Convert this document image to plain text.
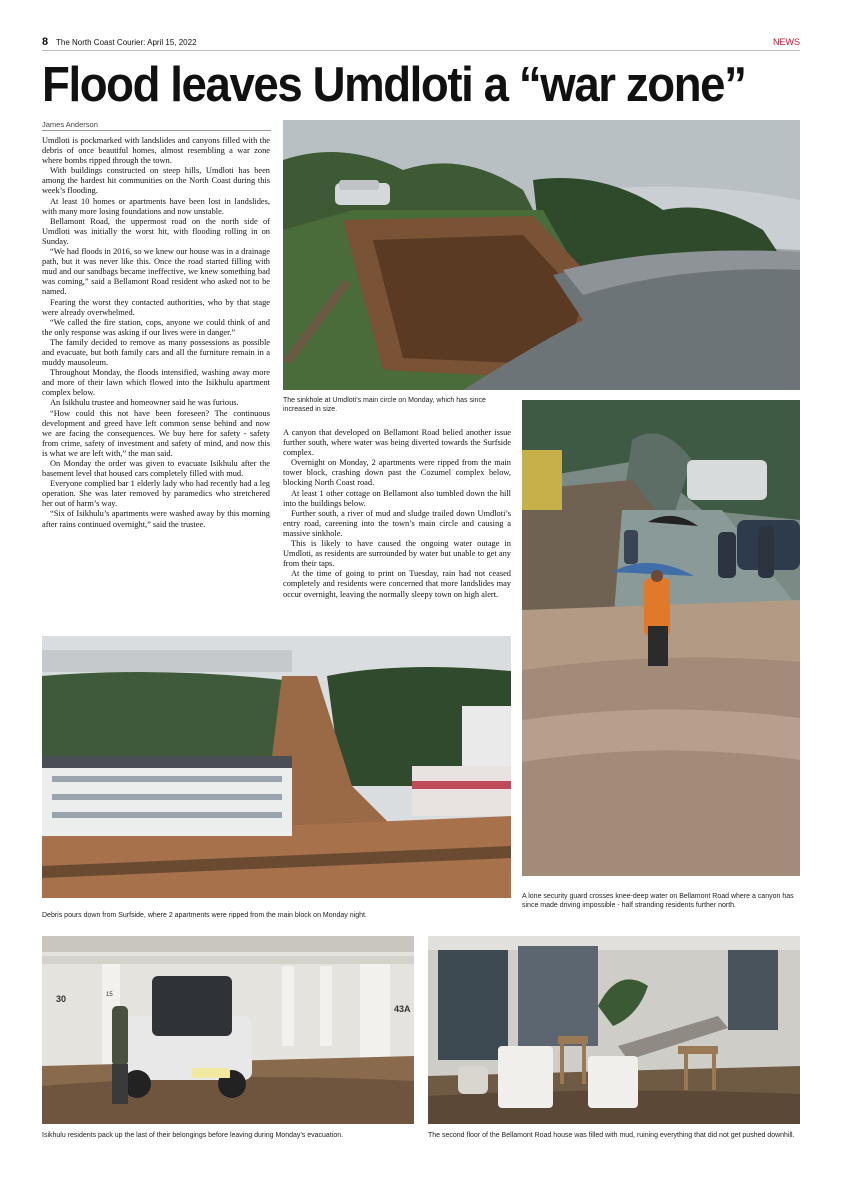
8 The North Coast Courier: April 15, 2022	NEWS
Flood leaves Umdloti a “war zone”
James Anderson

Umdloti is pockmarked with landslides and canyons filled with the debris of once beautiful homes, almost resembling a war zone where bombs ripped through the town.

With buildings constructed on steep hills, Umdloti has been among the hardest hit communities on the North Coast during this week’s flooding.

At least 10 homes or apartments have been lost in landslides, with many more losing foundations and now unstable.

Bellamont Road, the uppermost road on the north side of Umdloti was initially the worst hit, with flooding rolling in on Sunday.

“We had floods in 2016, so we knew our house was in a drainage path, but it was never like this. Once the road started filling with mud and our sandbags became ineffective, we knew something bad was coming,” said a Bellamont Road resident who asked not to be named.

Fearing the worst they contacted authorities, who by that stage were already overwhelmed.

“We called the fire station, cops, anyone we could think of and the only response was asking if our lives were in danger.”

The family decided to remove as many possessions as possible and evacuate, but both family cars and all the furniture remain in a muddy mausoleum.

Throughout Monday, the floods intensified, washing away more and more of their lawn which flowed into the Isikhulu apartment complex below.

An Isikhulu trustee and homeowner said he was furious.

“How could this not have been foreseen? The continuous development and greed have left common sense behind and now we are facing the consequences. We buy here for safety - safety from crime, safety of investment and safety of mind, and now this is what we are left with,” the man said.

On Monday the order was given to evacuate Isikhulu after the basement level that housed cars completely filled with mud.

Everyone complied bar 1 elderly lady who had recently had a leg operation. She was later removed by paramedics who stretchered her out of harm’s way.

“Six of Isikhulu’s apartments were washed away by this morning after rains continued overnight,” said the trustee.

The sinkhole at Umdloti’s main circle on Monday, which has since increased in size.

A canyon that developed on Bellamont Road belied another issue further south, where water was being diverted towards the Surfside complex.

Overnight on Monday, 2 apartments were ripped from the main tower block, crashing down past the Cozumel complex below, blocking North Coast road.

At least 1 other cottage on Bellamont also tumbled down the hill into the buildings below.

Further south, a river of mud and sludge trailed down Umdloti’s entry road, careening into the town’s main circle and causing a massive sinkhole.

This is likely to have caused the ongoing water outage in Umdloti, as residents are surrounded by water but unable to get any from their taps.

At the time of going to print on Tuesday, rain had not ceased completely and residents were concerned that more landslides may occur overnight, leaving the normally sleepy town on high alert.

A lone security guard crosses knee-deep water on Bellamont Road where a canyon has since made driving impossible - half stranding residents further north.
Debris pours down from Surfside, where 2 apartments were ripped from the main block on Monday night.
30	15
43A
Isikhulu residents pack up the last of their belongings before leaving during Monday’s evacuation.	The second floor of the Bellamont Road house was filled with mud, ruining everything that did not get pushed downhill.
